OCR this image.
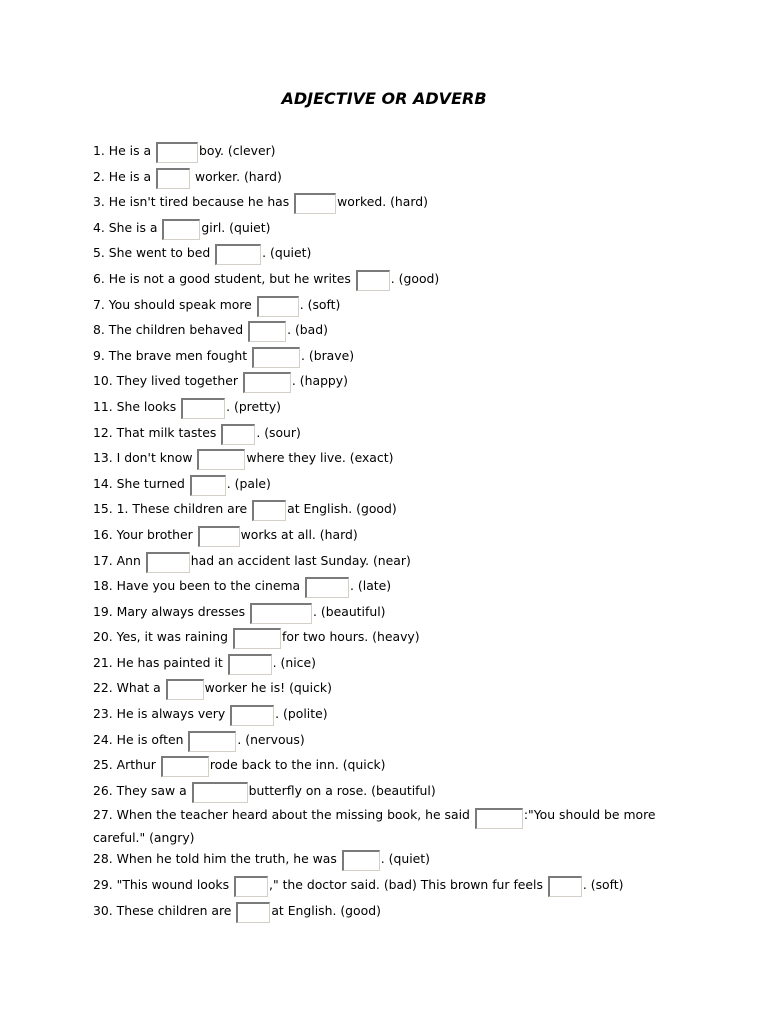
ADJECTIVE OR ADVERB
1. He is a	boy. (clever)
2. He is a	worker. (hard)
3. He isn't tired because he has	worked. (hard)
4. She is a	girl. (quiet)
5. She went to bed	. (quiet)
6. He is not a good student, but he writes	. (good)
7. You should speak more	. (soft)
8. The children behaved	. (bad)
9. The brave men fought	. (brave)
10. They lived together	. (happy)
11. She looks	. (pretty)
12. That milk tastes	. (sour)
13. I don't know	where they live. (exact)
14. She turned	. (pale)
15. 1. These children are	at English. (good)
16. Your brother	works at all. (hard)
17. Ann	had an accident last Sunday. (near)
18. Have you been to the cinema	. (late)
19. Mary always dresses	. (beautiful)
20. Yes, it was raining	for two hours. (heavy)
21. He has painted it	. (nice)
22. What a	worker he is! (quick)
23. He is always very	. (polite)
24. He is often	. (nervous)
25. Arthur	rode back to the inn. (quick)
26. They saw a	butterfly on a rose. (beautiful)
27. When the teacher heard about the missing book, he said	:"You should be more careful." (angry)
28. When he told him the truth, he was	. (quiet)
29. "This wound looks	," the doctor said. (bad) This brown fur feels	. (soft)
30. These children are	at English. (good)
